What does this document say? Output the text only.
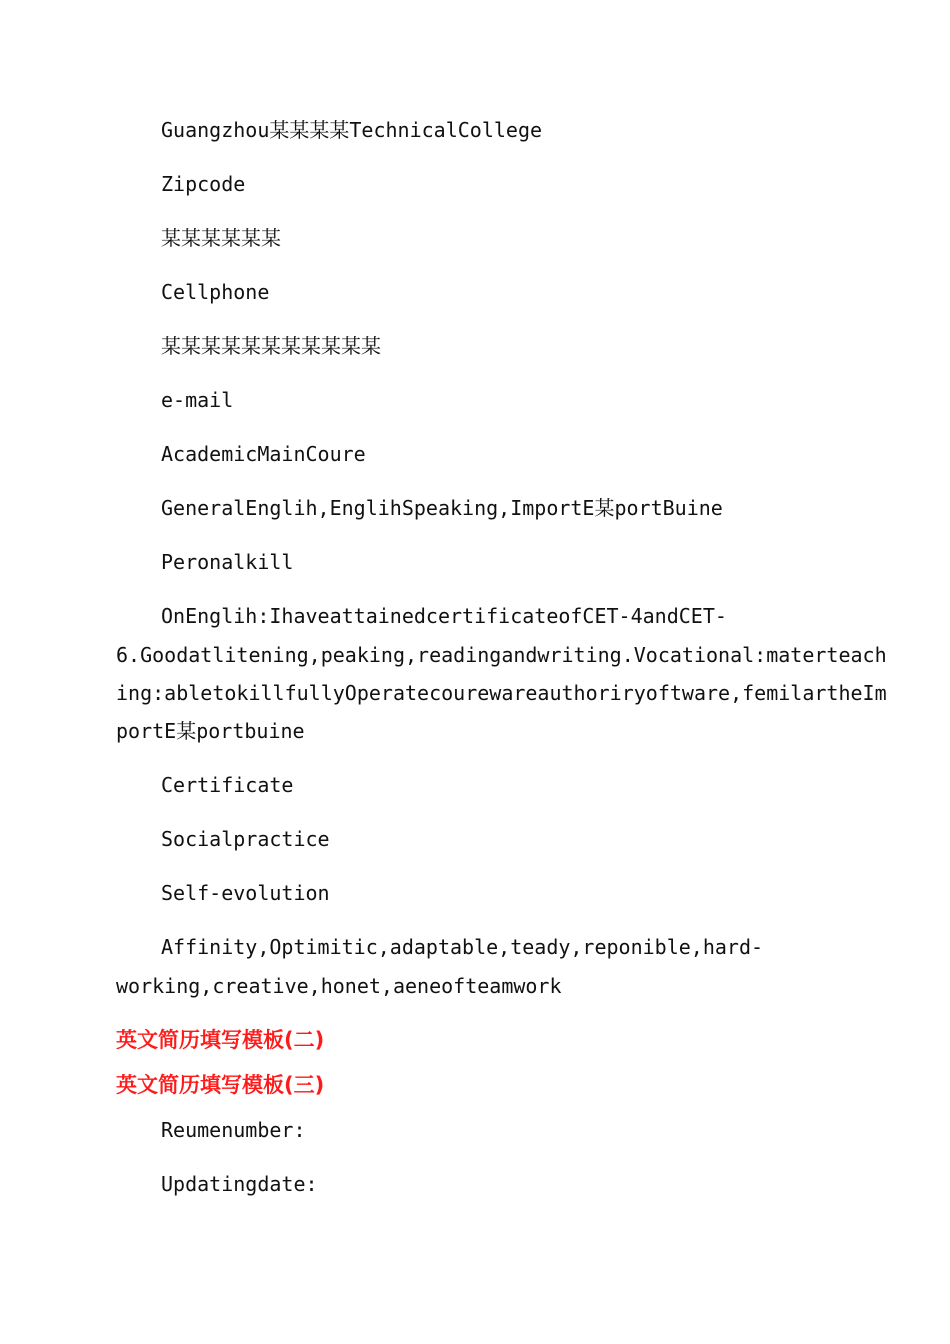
Guangzhou某某某某TechnicalCollege
Zipcode
某某某某某某
Cellphone
某某某某某某某某某某某
e-mail
AcademicMainCoure
GeneralEnglih,EnglihSpeaking,ImportE某portBuine
Peronalkill
OnEnglih:IhaveattainedcertificateofCET-4andCET-
6.Goodatlitening,peaking,readingandwriting.Vocational:materteach
ing:abletokillfullyOperatecourewareauthoriryoftware,femilartheIm
portE某portbuine
Certificate
Socialpractice
Self-evolution
Affinity,Optimitic,adaptable,teady,reponible,hard-
working,creative,honet,aeneofteamwork
英文简历填写模板(二)
英文简历填写模板(三)
Reumenumber:
Updatingdate:
